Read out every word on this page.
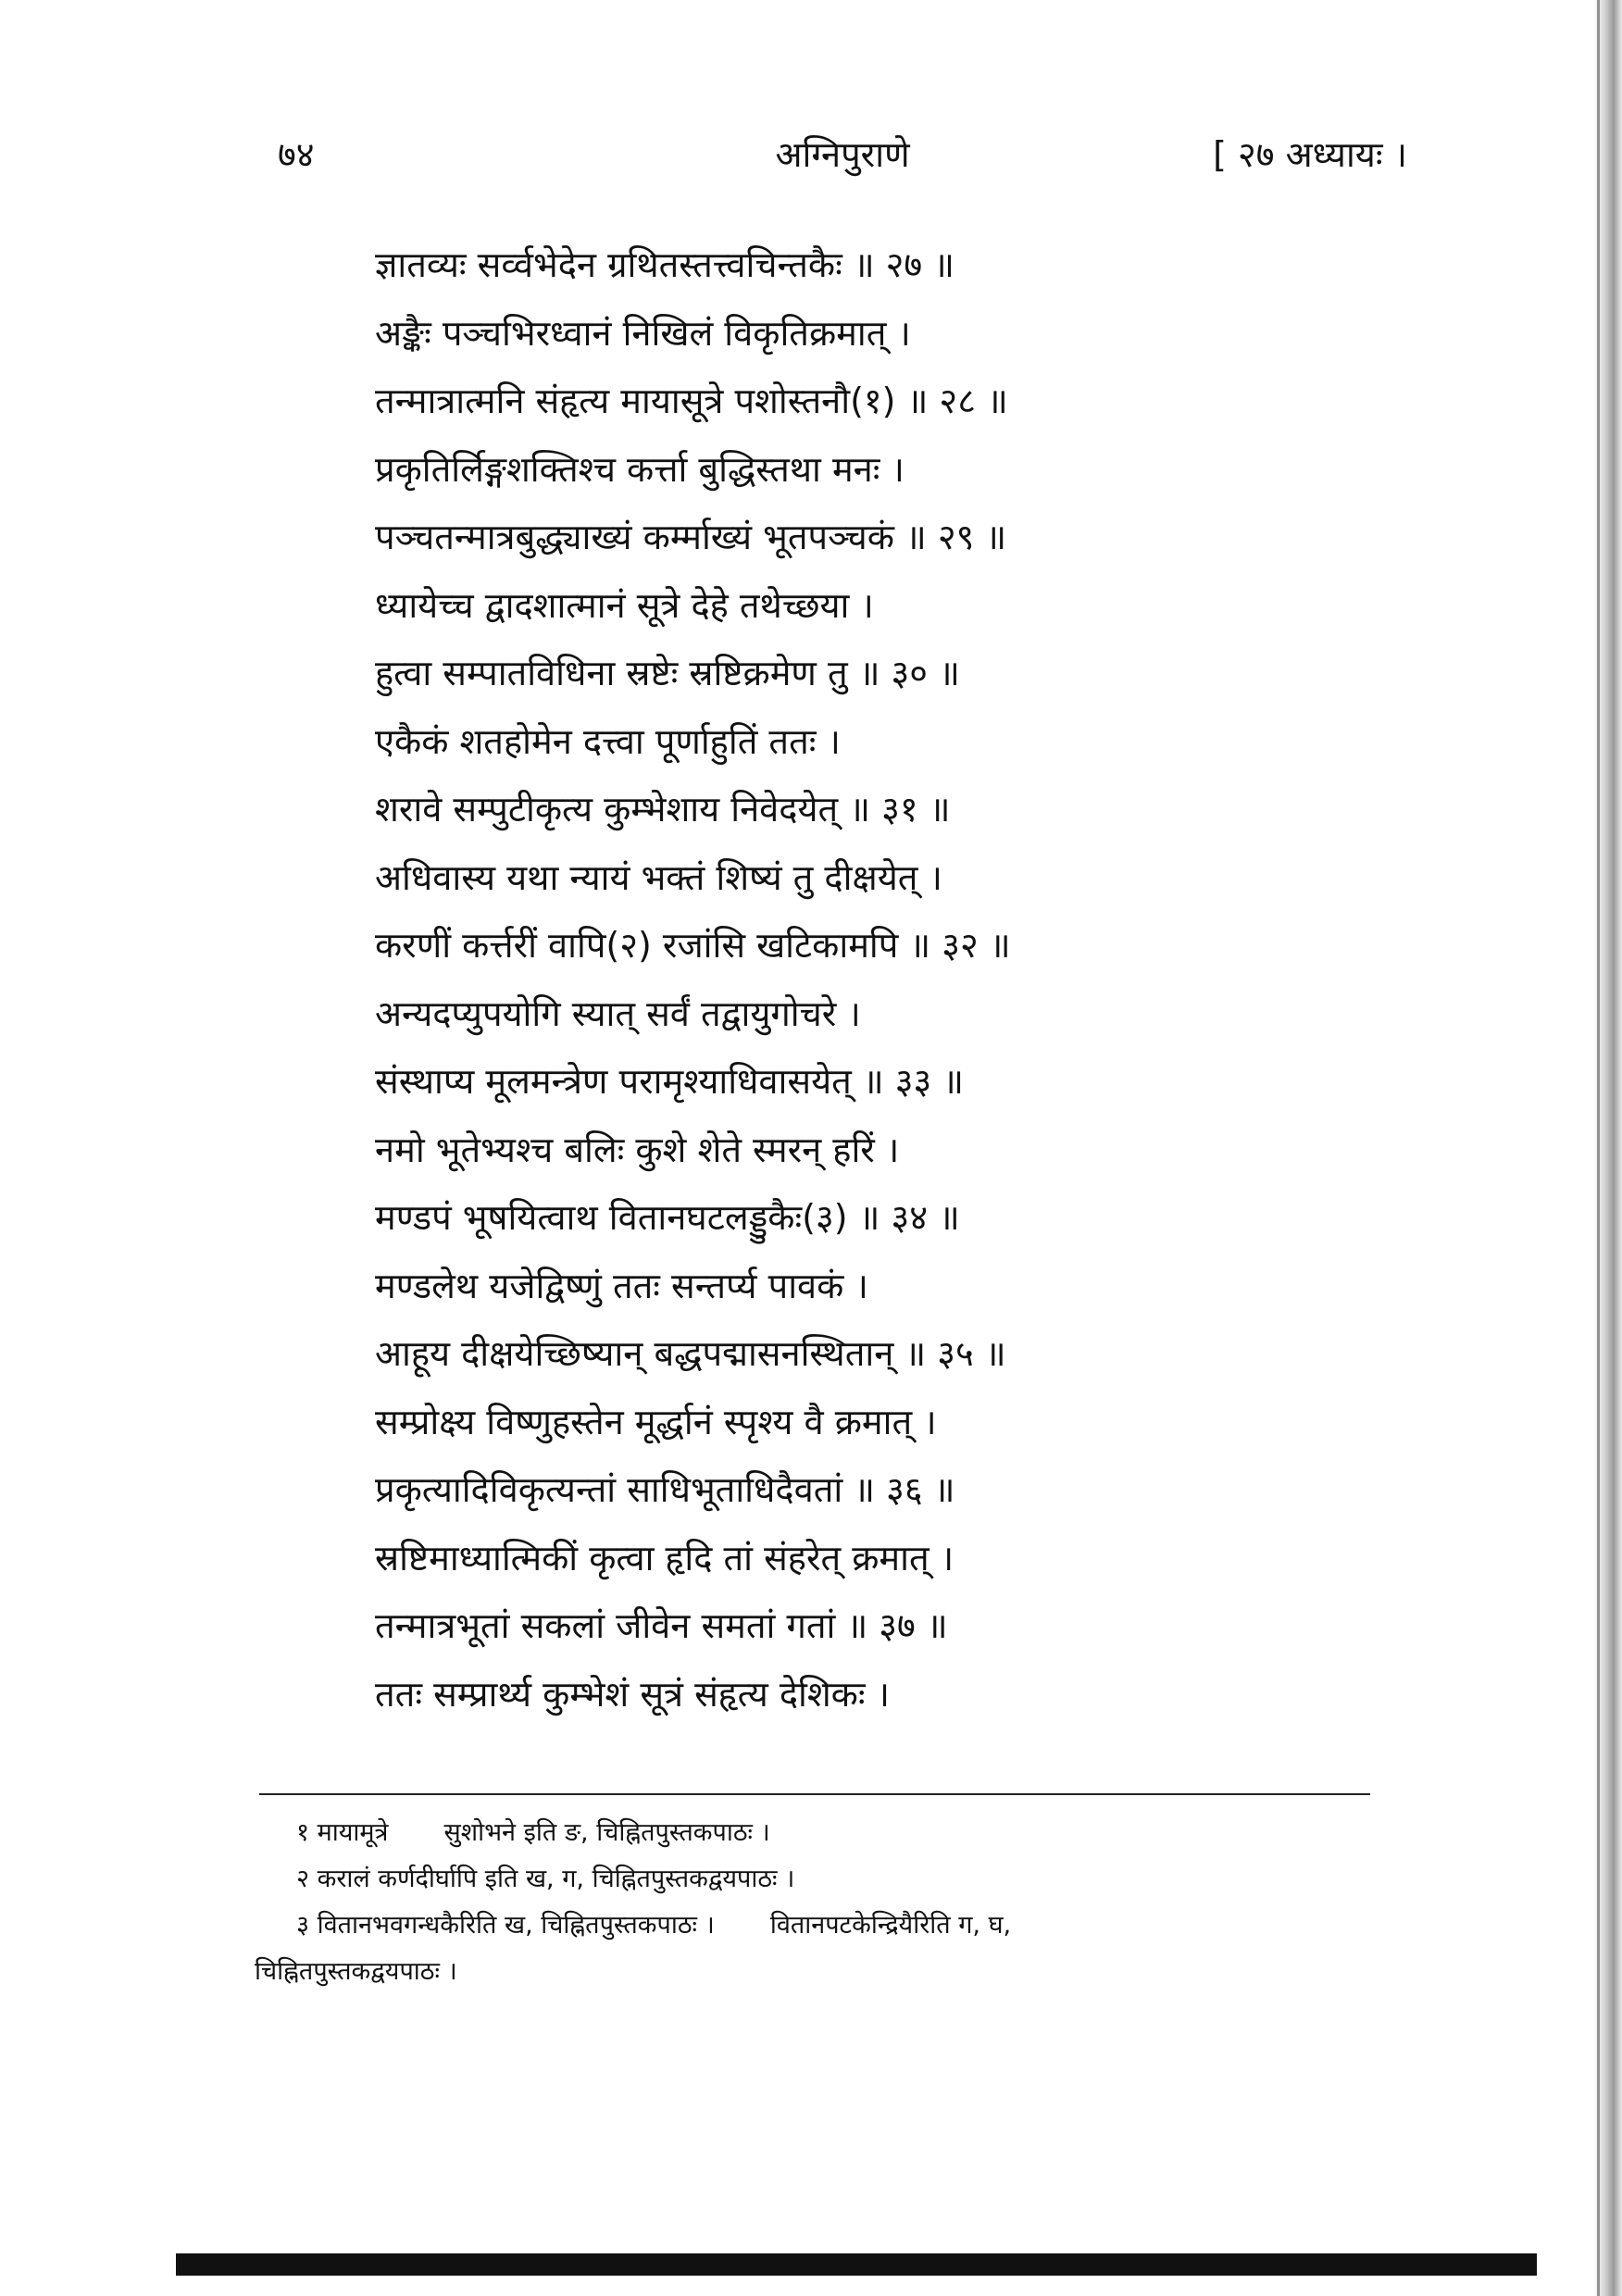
७४	अग्निपुराणे	[ २७ अध्यायः ।
ज्ञातव्यः सर्व्वभेदेन ग्रथितस्तत्त्वचिन्तकैः ॥ २७ ॥
अङ्कैः पञ्चभिरध्वानं निखिलं विकृतिक्रमात् ।
तन्मात्रात्मनि संहृत्य मायासूत्रे पशोस्तनौ(१) ॥ २८ ॥
प्रकृतिर्लिङ्गशक्तिश्च कर्त्ता बुद्धिस्तथा मनः ।
पञ्चतन्मात्रबुद्ध्याख्यं कर्म्माख्यं भूतपञ्चकं ॥ २९ ॥
ध्यायेच्च द्वादशात्मानं सूत्रे देहे तथेच्छया ।
हुत्वा सम्पातविधिना स्रष्टेः स्रष्टिक्रमेण तु ॥ ३० ॥
एकैकं शतहोमेन दत्त्वा पूर्णाहुतिं ततः ।
शरावे सम्पुटीकृत्य कुम्भेशाय निवेदयेत् ॥ ३१ ॥
अधिवास्य यथा न्यायं भक्तं शिष्यं तु दीक्षयेत् ।
करणीं कर्त्तरीं वापि(२) रजांसि खटिकामपि ॥ ३२ ॥
अन्यदप्युपयोगि स्यात् सर्वं तद्वायुगोचरे ।
संस्थाप्य मूलमन्त्रेण परामृश्याधिवासयेत् ॥ ३३ ॥
नमो भूतेभ्यश्च बलिः कुशे शेते स्मरन् हरिं ।
मण्डपं भूषयित्वाथ वितानघटलड्डुकैः(३) ॥ ३४ ॥
मण्डलेथ यजेद्विष्णुं ततः सन्तर्प्य पावकं ।
आहूय दीक्षयेच्छिष्यान् बद्धपद्मासनस्थितान् ॥ ३५ ॥
सम्प्रोक्ष्य विष्णुहस्तेन मूर्द्धानं स्पृश्य वै क्रमात् ।
प्रकृत्यादिविकृत्यन्तां साधिभूताधिदैवतां ॥ ३६ ॥
स्रष्टिमाध्यात्मिकीं कृत्वा हृदि तां संहरेत् क्रमात् ।
तन्मात्रभूतां सकलां जीवेन समतां गतां ॥ ३७ ॥
ततः सम्प्रार्थ्य कुम्भेशं सूत्रं संहृत्य देशिकः ।
१ मायामूत्रे सुशोभने इति ङ, चिह्नितपुस्तकपाठः ।
२ करालं कर्णदीर्घापि इति ख, ग, चिह्नितपुस्तकद्वयपाठः ।
३ वितानभवगन्धकैरिति ख, चिह्नितपुस्तकपाठः । वितानपटकेन्द्रियैरिति ग, घ,
चिह्नितपुस्तकद्वयपाठः ।
